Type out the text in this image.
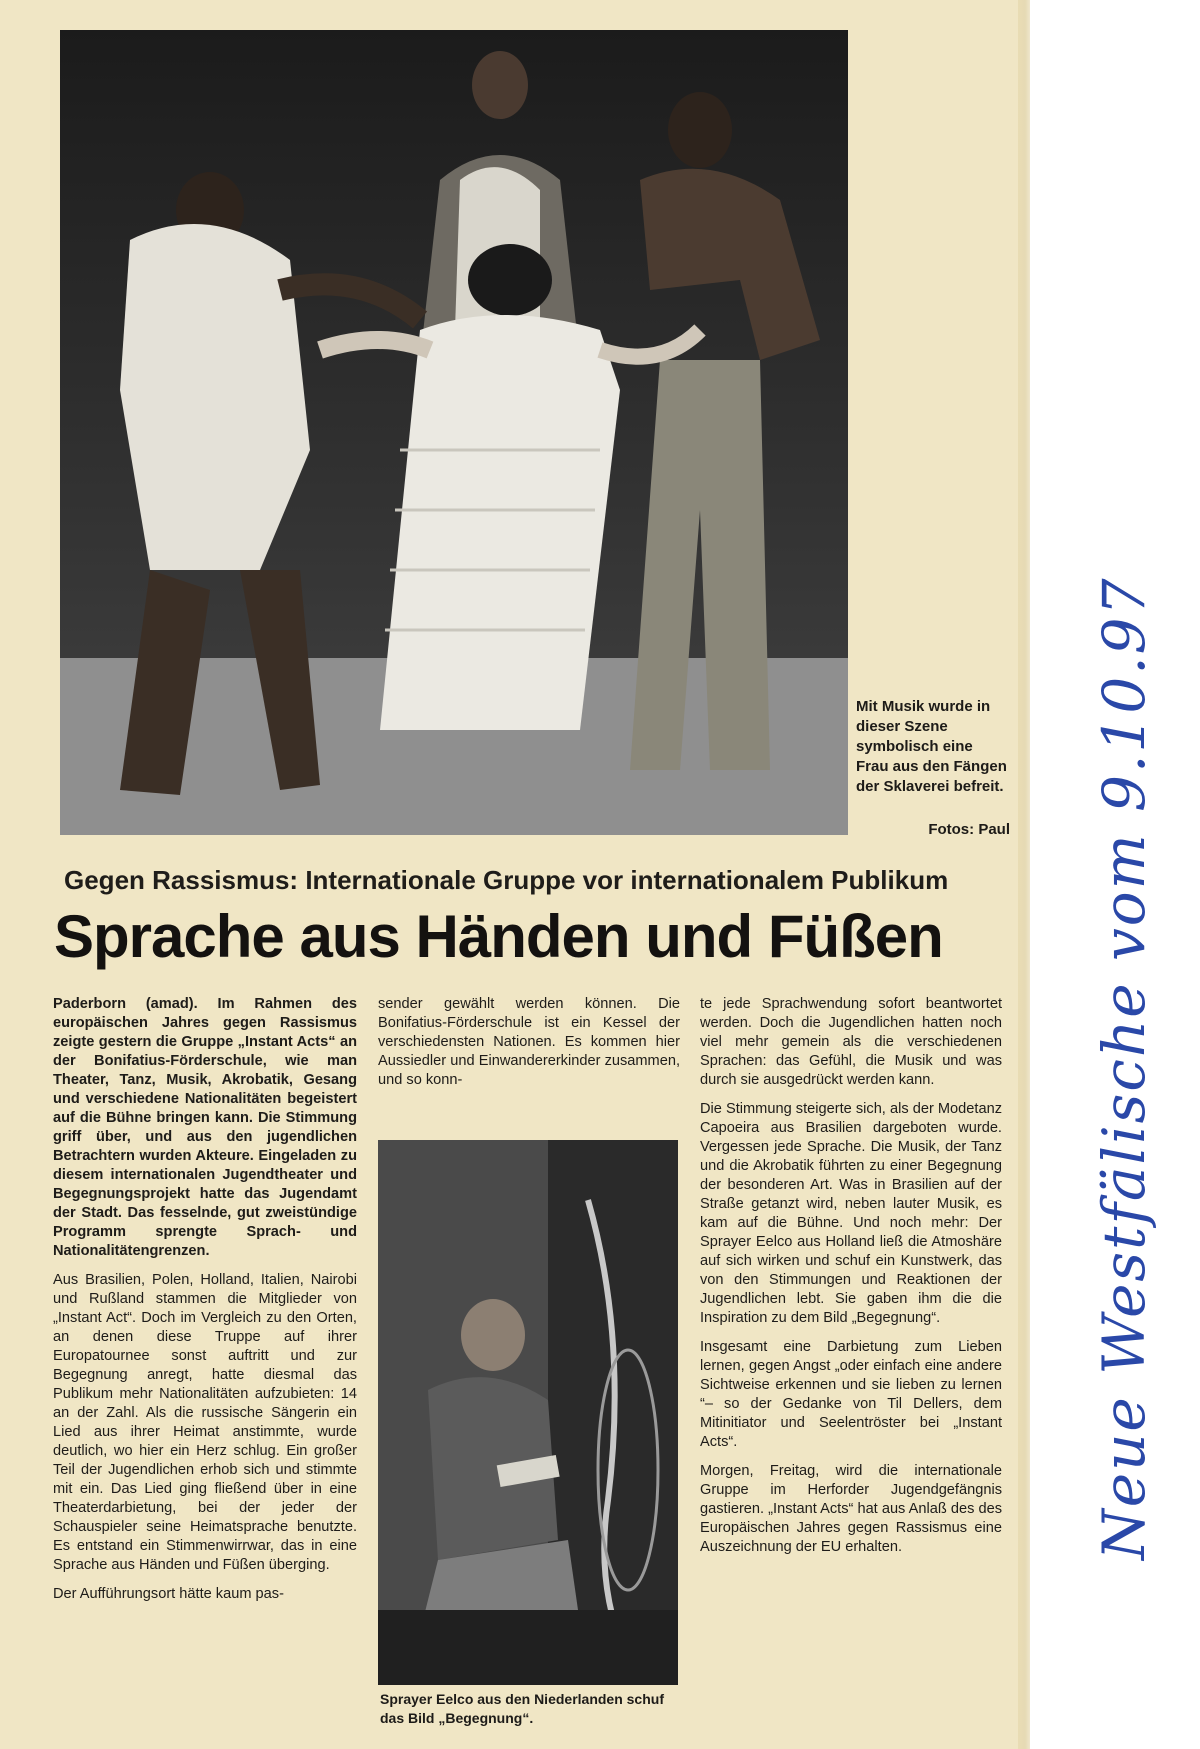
Mit Musik wurde in dieser Szene symbolisch eine Frau aus den Fängen der Sklaverei befreit.
Fotos: Paul
Gegen Rassismus: Internationale Gruppe vor internationalem Publikum
Sprache aus Händen und Füßen

Paderborn (amad). Im Rahmen des europäischen Jahres gegen Rassismus zeigte gestern die Gruppe „Instant Acts“ an der Bonifatius-Förderschule, wie man Theater, Tanz, Musik, Akrobatik, Gesang und verschiedene Nationalitäten begeistert auf die Bühne bringen kann. Die Stimmung griff über, und aus den jugendlichen Betrachtern wurden Akteure. Eingeladen zu diesem internationalen Jugendtheater und Begegnungsprojekt hatte das Jugendamt der Stadt. Das fesselnde, gut zweistündige Programm sprengte Sprach- und Nationalitätengrenzen.

Aus Brasilien, Polen, Holland, Italien, Nairobi und Rußland stammen die Mitglieder von „Instant Act“. Doch im Vergleich zu den Orten, an denen diese Truppe auf ihrer Europatournee sonst auftritt und zur Begegnung anregt, hatte diesmal das Publikum mehr Nationalitäten aufzubieten: 14 an der Zahl. Als die russische Sängerin ein Lied aus ihrer Heimat anstimmte, wurde deutlich, wo hier ein Herz schlug. Ein großer Teil der Jugendlichen erhob sich und stimmte mit ein. Das Lied ging fließend über in eine Theaterdarbietung, bei der jeder der Schauspieler seine Heimatsprache benutzte. Es entstand ein Stimmenwirrwar, das in eine Sprache aus Händen und Füßen überging.

Der Aufführungsort hätte kaum pas-

sender gewählt werden können. Die Bonifatius-Förderschule ist ein Kessel der verschiedensten Nationen. Es kommen hier Aussiedler und Einwandererkinder zusammen, und so konn-

Sprayer Eelco aus den Niederlanden schuf das Bild „Begegnung“.

te jede Sprachwendung sofort beantwortet werden. Doch die Jugendlichen hatten noch viel mehr gemein als die verschiedenen Sprachen: das Gefühl, die Musik und was durch sie ausgedrückt werden kann.

Die Stimmung steigerte sich, als der Modetanz Capoeira aus Brasilien dargeboten wurde. Vergessen jede Sprache. Die Musik, der Tanz und die Akrobatik führten zu einer Begegnung der besonderen Art. Was in Brasilien auf der Straße getanzt wird, neben lauter Musik, es kam auf die Bühne. Und noch mehr: Der Sprayer Eelco aus Holland ließ die Atmoshäre auf sich wirken und schuf ein Kunstwerk, das von den Stimmungen und Reaktionen der Jugendlichen lebt. Sie gaben ihm die die Inspiration zu dem Bild „Begegnung“.

Insgesamt eine Darbietung zum Lieben lernen, gegen Angst „oder einfach eine andere Sichtweise erkennen und sie lieben zu lernen “– so der Gedanke von Til Dellers, dem Mitinitiator und Seelentröster bei „Instant Acts“.

Morgen, Freitag, wird die internationale Gruppe im Herforder Jugendgefängnis gastieren. „Instant Acts“ hat aus Anlaß des des Europäischen Jahres gegen Rassismus eine Auszeichnung der EU erhalten.	Neue Westfälische vom 9.10.97
